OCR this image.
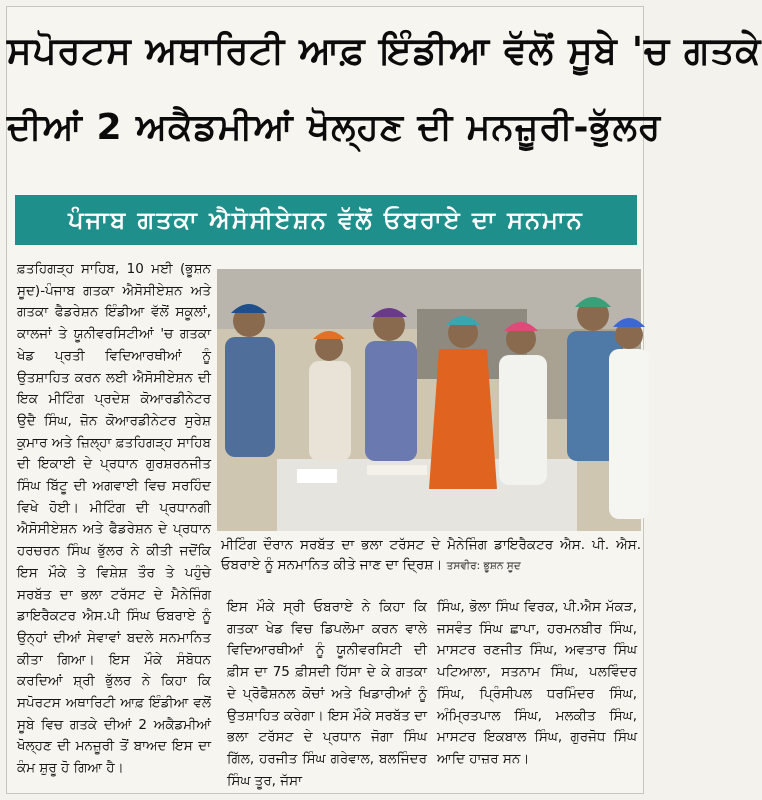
ਸਪੋਰਟਸ ਅਥਾਰਿਟੀ ਆਫ਼ ਇੰਡੀਆ ਵੱਲੋਂ ਸੂਬੇ 'ਚ ਗਤਕੇ
ਦੀਆਂ 2 ਅਕੈਡਮੀਆਂ ਖੋਲ੍ਹਣ ਦੀ ਮਨਜ਼ੂਰੀ-ਭੁੱਲਰ
ਪੰਜਾਬ ਗਤਕਾ ਐਸੋਸੀਏਸ਼ਨ ਵੱਲੋਂ ਓਬਰਾਏ ਦਾ ਸਨਮਾਨ
ਫ਼ਤਹਿਗੜ੍ਹ ਸਾਹਿਬ, 10 ਮਈ (ਭੂਸ਼ਨ ਸੂਦ)-ਪੰਜਾਬ ਗਤਕਾ ਐਸੋਸੀਏਸ਼ਨ ਅਤੇ ਗਤਕਾ ਫੈਡਰੇਸ਼ਨ ਇੰਡੀਆ ਵੱਲੋਂ ਸਕੂਲਾਂ, ਕਾਲਜਾਂ ਤੇ ਯੂਨੀਵਰਸਿਟੀਆਂ 'ਚ ਗਤਕਾ ਖੇਡ ਪ੍ਰਤੀ ਵਿਦਿਆਰਥੀਆਂ ਨੂੰ ਉਤਸ਼ਾਹਿਤ ਕਰਨ ਲਈ ਐਸੋਸੀਏਸ਼ਨ ਦੀ ਇਕ ਮੀਟਿੰਗ ਪ੍ਰਦੇਸ਼ ਕੋਆਰਡੀਨੇਟਰ ਉਦੈ ਸਿੰਘ, ਜ਼ੋਨ ਕੋਆਰਡੀਨੇਟਰ ਸੁਰੇਸ਼ ਕੁਮਾਰ ਅਤੇ ਜ਼ਿਲ੍ਹਾ ਫ਼ਤਹਿਗੜ੍ਹ ਸਾਹਿਬ ਦੀ ਇਕਾਈ ਦੇ ਪ੍ਰਧਾਨ ਗੁਰਸ਼ਰਨਜੀਤ ਸਿੰਘ ਬਿੱਟੂ ਦੀ ਅਗਵਾਈ ਵਿਚ ਸਰਹਿੰਦ ਵਿਖੇ ਹੋਈ। ਮੀਟਿੰਗ ਦੀ ਪ੍ਰਧਾਨਗੀ ਐਸੋਸੀਏਸ਼ਨ ਅਤੇ ਫੈਡਰੇਸ਼ਨ ਦੇ ਪ੍ਰਧਾਨ ਹਰਚਰਨ ਸਿੰਘ ਭੁੱਲਰ ਨੇ ਕੀਤੀ ਜਦੋਂਕਿ ਇਸ ਮੌਕੇ ਤੇ ਵਿਸ਼ੇਸ਼ ਤੌਰ ਤੇ ਪਹੁੰਚੇ ਸਰਬੱਤ ਦਾ ਭਲਾ ਟਰੱਸਟ ਦੇ ਮੈਨੇਜਿੰਗ ਡਾਇਰੈਕਟਰ ਐਸ.ਪੀ ਸਿੰਘ ਓਬਰਾਏ ਨੂੰ ਉਨ੍ਹਾਂ ਦੀਆਂ ਸੇਵਾਵਾਂ ਬਦਲੇ ਸਨਮਾਨਿਤ ਕੀਤਾ ਗਿਆ। ਇਸ ਮੌਕੇ ਸੰਬੋਧਨ ਕਰਦਿਆਂ ਸ਼੍ਰੀ ਭੁੱਲਰ ਨੇ ਕਿਹਾ ਕਿ ਸਪੋਰਟਸ ਅਥਾਰਿਟੀ ਆਫ਼ ਇੰਡੀਆ ਵਲੋਂ ਸੂਬੇ ਵਿਚ ਗਤਕੇ ਦੀਆਂ 2 ਅਕੈਡਮੀਆਂ ਖੋਲ੍ਹਣ ਦੀ ਮਨਜ਼ੂਰੀ ਤੋਂ ਬਾਅਦ ਇਸ ਦਾ ਕੰਮ ਸ਼ੁਰੂ ਹੋ ਗਿਆ ਹੈ।
ਮੀਟਿੰਗ ਦੌਰਾਨ ਸਰਬੱਤ ਦਾ ਭਲਾ ਟਰੱਸਟ ਦੇ ਮੈਨੇਜਿੰਗ ਡਾਇਰੈਕਟਰ ਐਸ. ਪੀ. ਐਸ. ਓਬਰਾਏ ਨੂੰ ਸਨਮਾਨਿਤ ਕੀਤੇ ਜਾਣ ਦਾ ਦ੍ਰਿਸ਼। ਤਸਵੀਰ: ਭੂਸ਼ਨ ਸੂਦ
ਇਸ ਮੌਕੇ ਸ੍ਰੀ ਓਬਰਾਏ ਨੇ ਕਿਹਾ ਕਿ ਗਤਕਾ ਖੇਡ ਵਿਚ ਡਿਪਲੋਮਾ ਕਰਨ ਵਾਲੇ ਵਿਦਿਆਰਥੀਆਂ ਨੂੰ ਯੂਨੀਵਰਸਿਟੀ ਦੀ ਫ਼ੀਸ ਦਾ 75 ਫ਼ੀਸਦੀ ਹਿੱਸਾ ਦੇ ਕੇ ਗਤਕਾ ਦੇ ਪ੍ਰੋਫੈਸ਼ਨਲ ਕੋਚਾਂ ਅਤੇ ਖਿਡਾਰੀਆਂ ਨੂੰ ਉਤਸ਼ਾਹਿਤ ਕਰੇਗਾ। ਇਸ ਮੌਕੇ ਸਰਬੱਤ ਦਾ ਭਲਾ ਟਰੱਸਟ ਦੇ ਪ੍ਰਧਾਨ ਜੋਗਾ ਸਿੰਘ ਗਿੱਲ, ਹਰਜੀਤ ਸਿੰਘ ਗਰੇਵਾਲ, ਬਲਜਿੰਦਰ ਸਿੰਘ ਤੂਰ, ਜੱਸਾ
ਸਿੰਘ, ਭੋਲਾ ਸਿੰਘ ਵਿਰਕ, ਪੀ.ਐਸ ਮੱਕੜ, ਜਸਵੰਤ ਸਿੰਘ ਛਾਪਾ, ਹਰਮਨਬੀਰ ਸਿੰਘ, ਮਾਸਟਰ ਰਣਜੀਤ ਸਿੰਘ, ਅਵਤਾਰ ਸਿੰਘ ਪਟਿਆਲਾ, ਸਤਨਾਮ ਸਿੰਘ, ਪਲਵਿੰਦਰ ਸਿੰਘ, ਪ੍ਰਿੰਸੀਪਲ ਧਰਮਿੰਦਰ ਸਿੰਘ, ਅੰਮ੍ਰਿਤਪਾਲ ਸਿੰਘ, ਮਲਕੀਤ ਸਿੰਘ, ਮਾਸਟਰ ਇਕਬਾਲ ਸਿੰਘ, ਗੁਰਜੋਧ ਸਿੰਘ ਆਦਿ ਹਾਜ਼ਰ ਸਨ।
